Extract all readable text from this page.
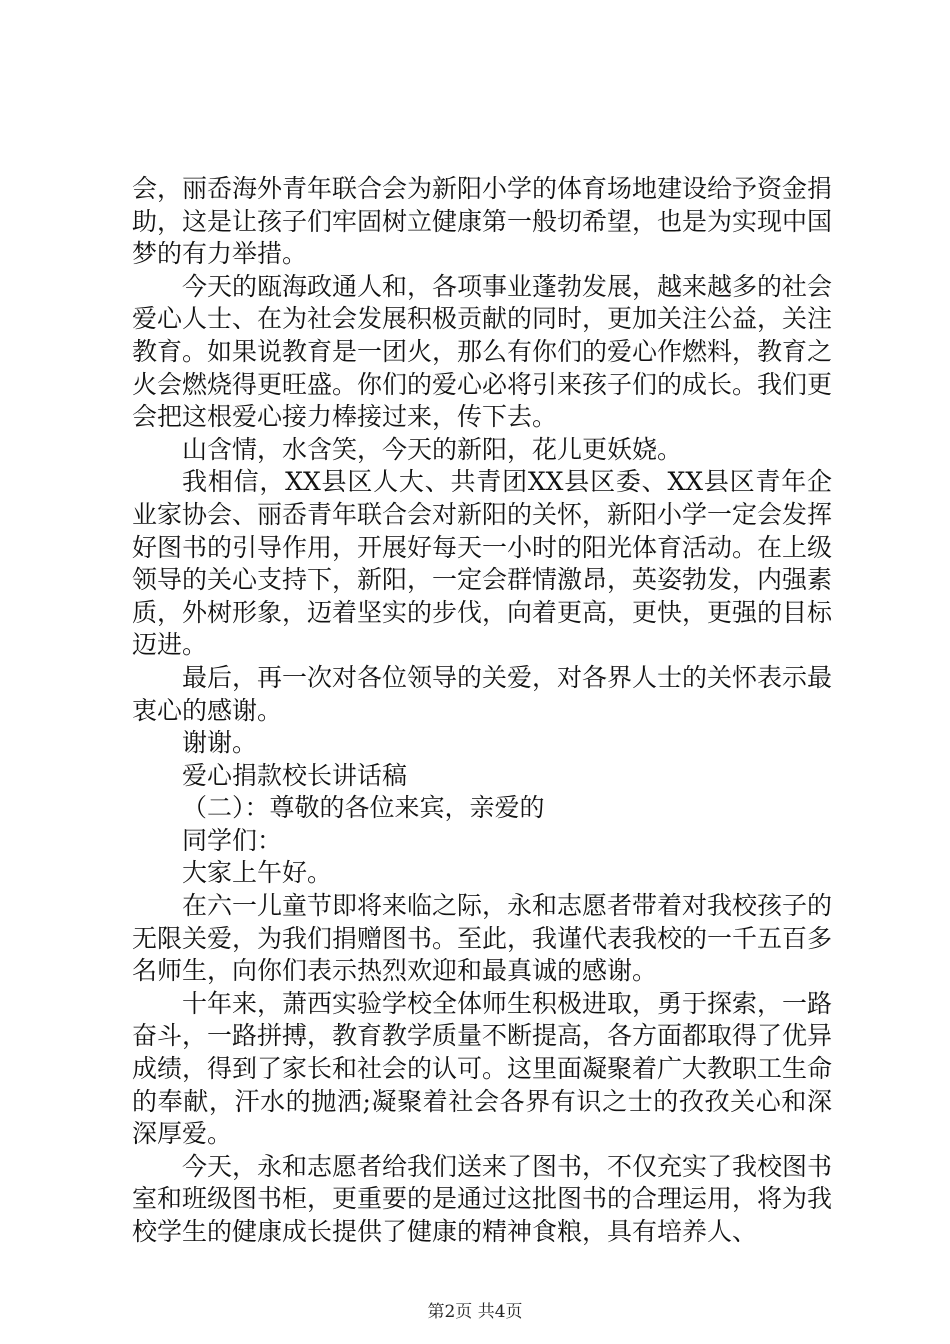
会，丽岙海外青年联合会为新阳小学的体育场地建设给予资金捐助，这是让孩子们牢固树立健康第一般切希望，也是为实现中国梦的有力举措。

今天的瓯海政通人和，各项事业蓬勃发展，越来越多的社会爱心人士、在为社会发展积极贡献的同时，更加关注公益，关注教育。如果说教育是一团火，那么有你们的爱心作燃料，教育之火会燃烧得更旺盛。你们的爱心必将引来孩子们的成长。我们更会把这根爱心接力棒接过来，传下去。

山含情，水含笑，今天的新阳，花儿更妖娆。

我相信，XX县区人大、共青团XX县区委、XX县区青年企业家协会、丽岙青年联合会对新阳的关怀，新阳小学一定会发挥好图书的引导作用，开展好每天一小时的阳光体育活动。在上级领导的关心支持下，新阳，一定会群情激昂，英姿勃发，内强素质，外树形象，迈着坚实的步伐，向着更高，更快，更强的目标迈进。

最后，再一次对各位领导的关爱，对各界人士的关怀表示最衷心的感谢。

谢谢。

爱心捐款校长讲话稿

（二）：尊敬的各位来宾，亲爱的

同学们：

大家上午好。

在六一儿童节即将来临之际，永和志愿者带着对我校孩子的无限关爱，为我们捐赠图书。至此，我谨代表我校的一千五百多名师生，向你们表示热烈欢迎和最真诚的感谢。

十年来，萧西实验学校全体师生积极进取，勇于探索，一路奋斗，一路拼搏，教育教学质量不断提高，各方面都取得了优异成绩，得到了家长和社会的认可。这里面凝聚着广大教职工生命的奉献，汗水的抛洒;凝聚着社会各界有识之士的孜孜关心和深深厚爱。

今天，永和志愿者给我们送来了图书，不仅充实了我校图书室和班级图书柜，更重要的是通过这批图书的合理运用，将为我校学生的健康成长提供了健康的精神食粮，具有培养人、

第2页 共4页
